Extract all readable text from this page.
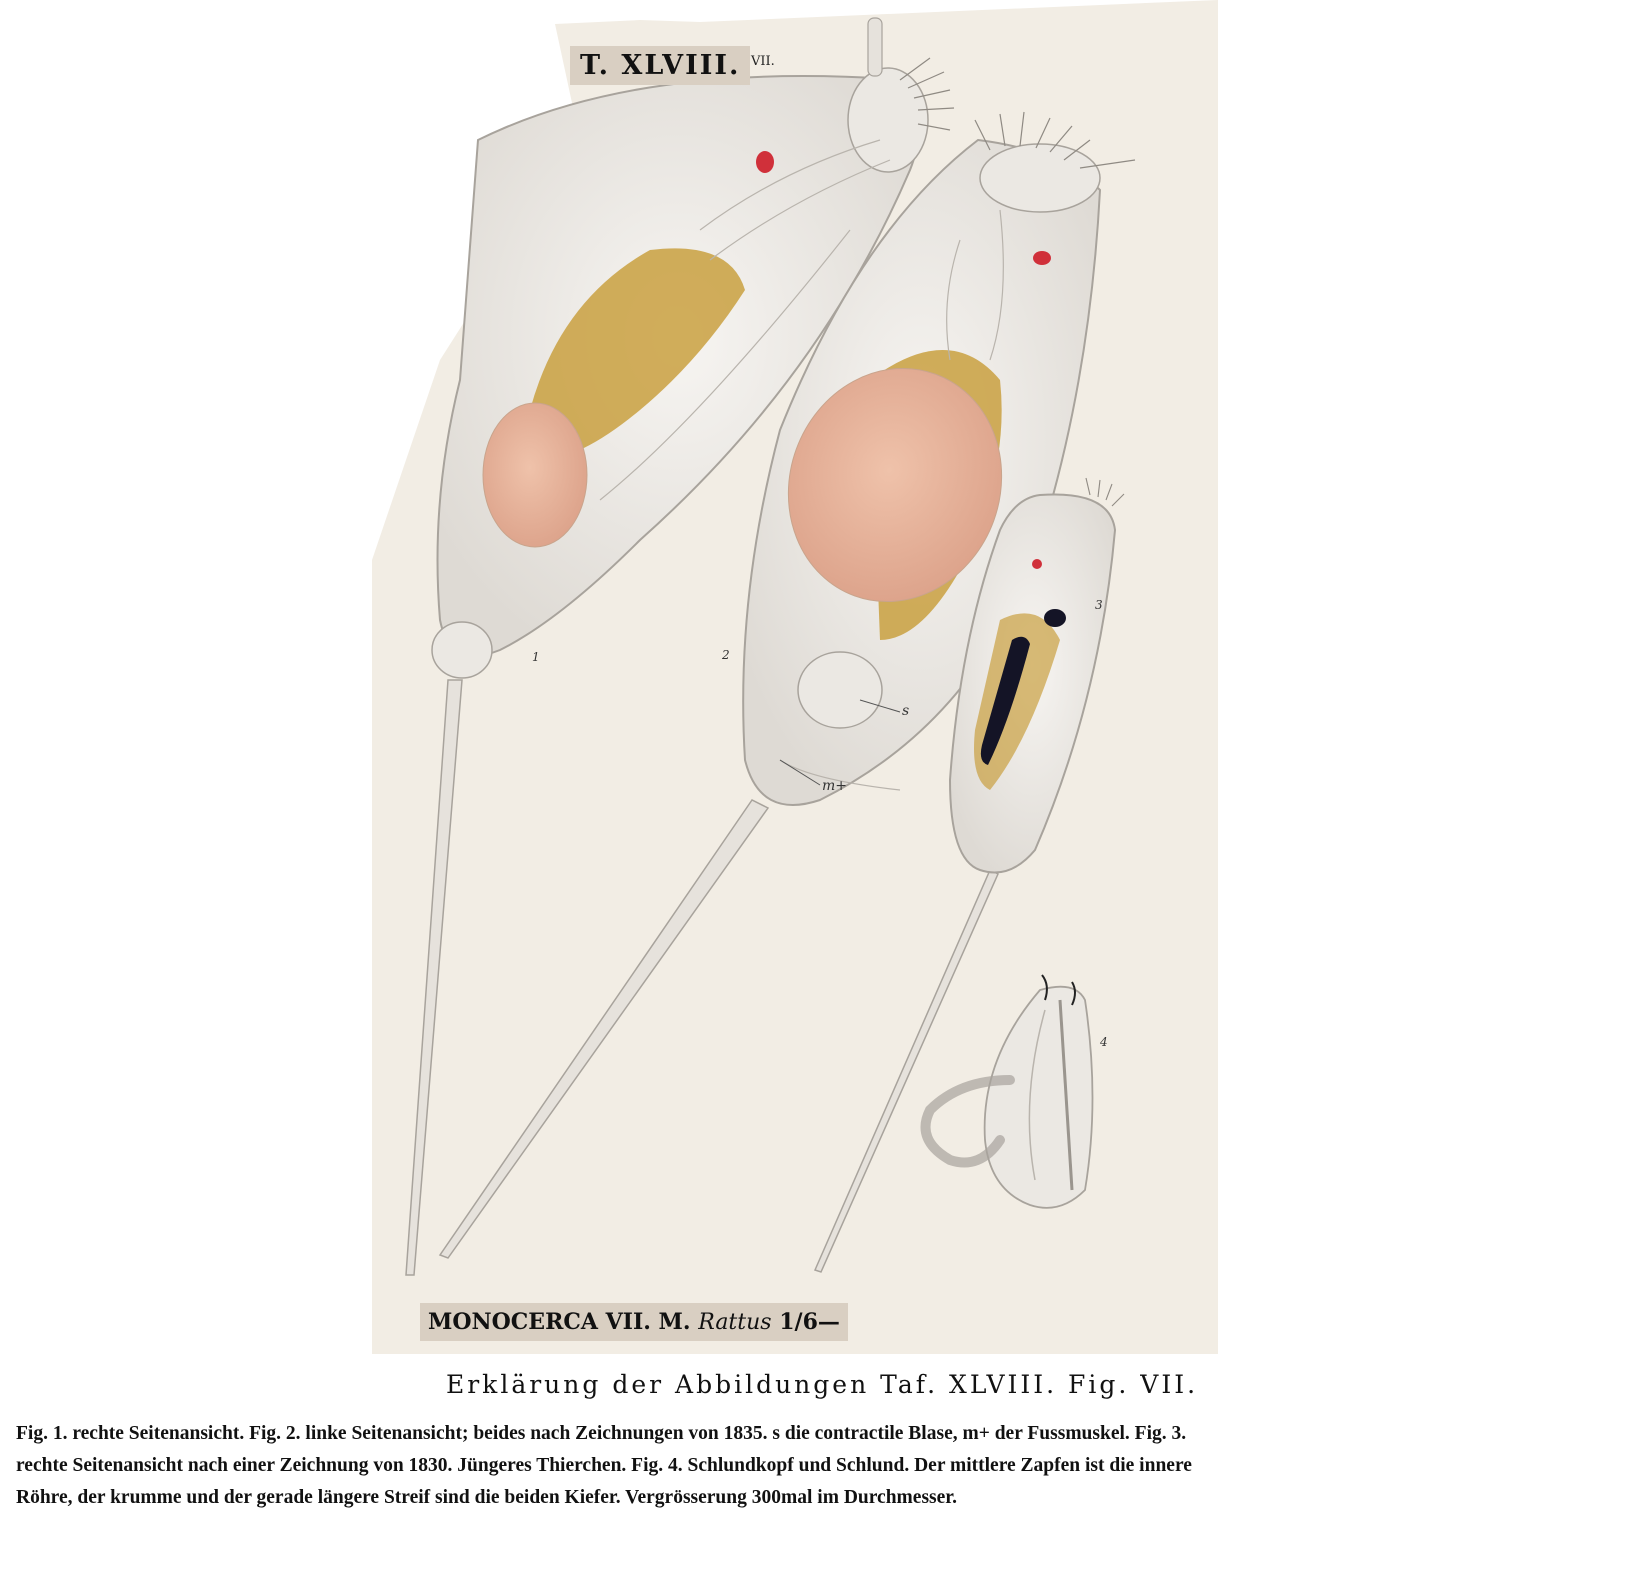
T. XLVIII. VII.
MONOCERCA VII. M. Rattus 1/6—
1	2
3
4
s
m+
Erklärung der Abbildungen Taf. XLVIII. Fig. VII.
Fig. 1. rechte Seitenansicht. Fig. 2. linke Seitenansicht; beides nach Zeichnungen von 1835. s die contractile Blase, m+ der Fussmuskel. Fig. 3.
rechte Seitenansicht nach einer Zeichnung von 1830. Jüngeres Thierchen. Fig. 4. Schlundkopf und Schlund. Der mittlere Zapfen ist die innere
Röhre, der krumme und der gerade längere Streif sind die beiden Kiefer. Vergrösserung 300mal im Durchmesser.
